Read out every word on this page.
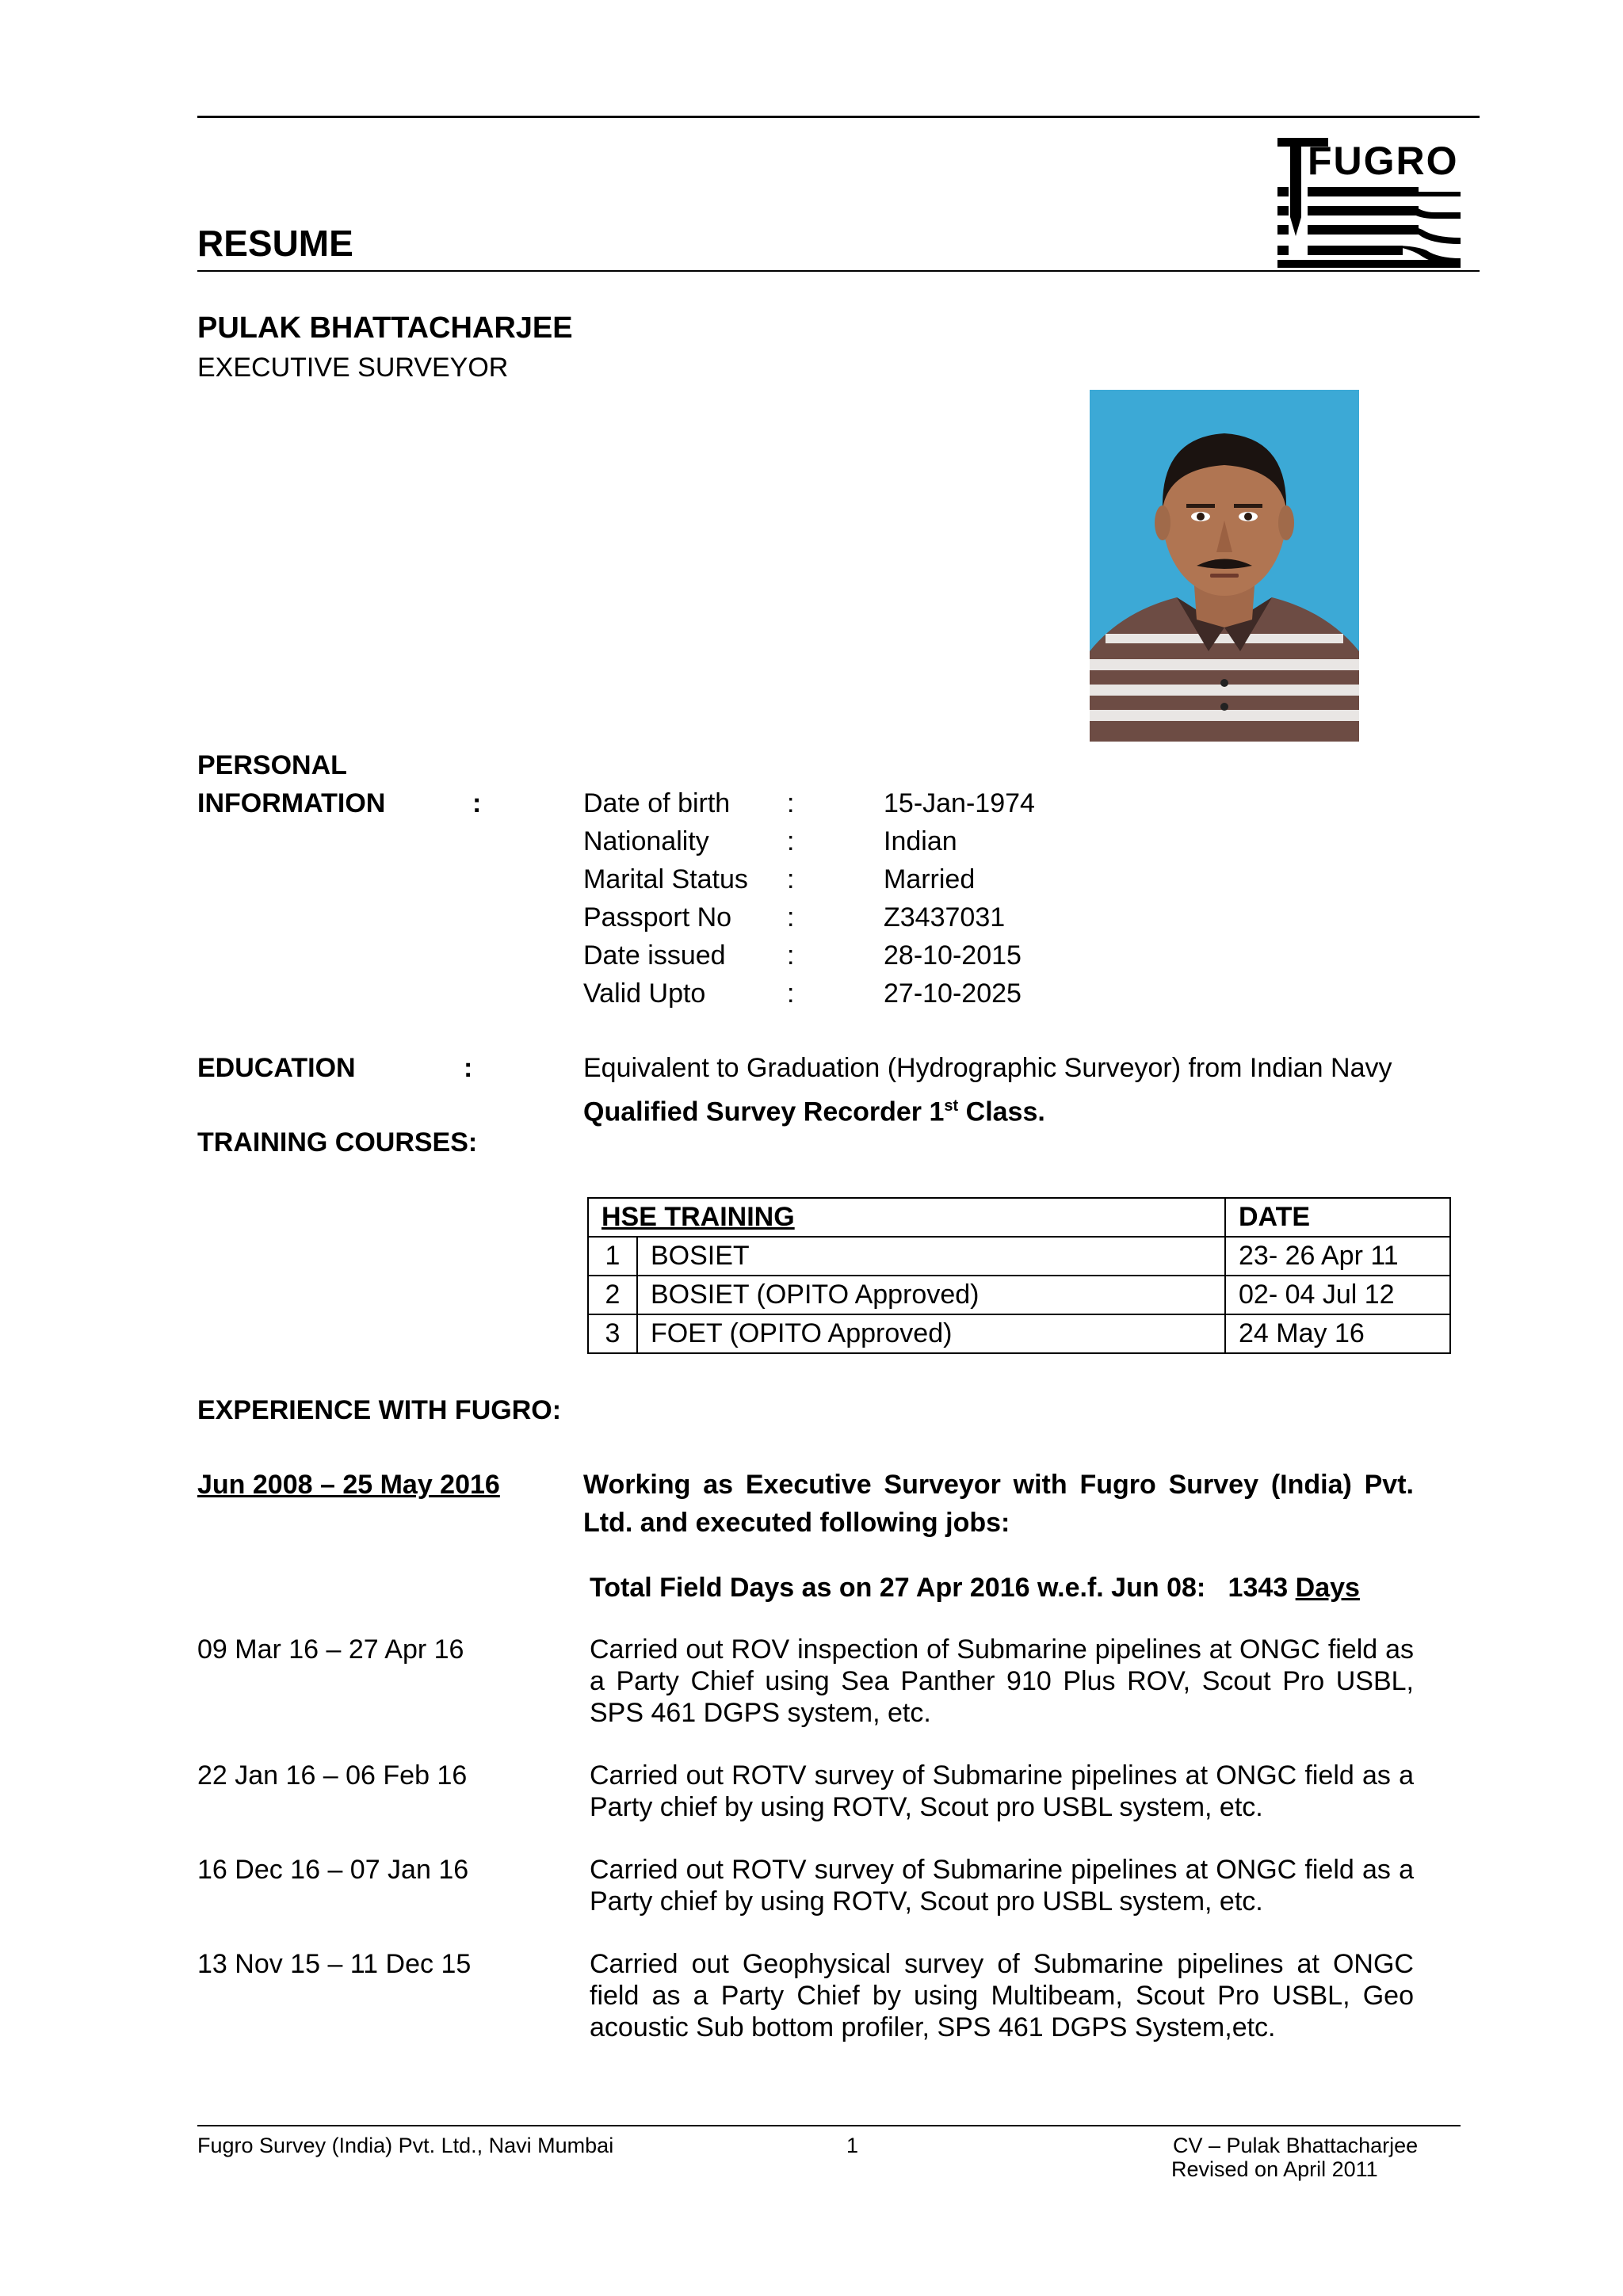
FUGRO
RESUME
PULAK BHATTACHARJEE
EXECUTIVE SURVEYOR
PERSONAL
INFORMATION	:	Date of birth :	15-Jan-1974
Nationality	:	Indian
Marital Status :	Married
Passport No :	Z3437031
Date issued :	28-10-2015
Valid Upto	:	27-10-2025
EDUCATION	:	Equivalent to Graduation (Hydrographic Surveyor) from Indian Navy
Qualified Survey Recorder 1st Class.
TRAINING COURSES:
HSE TRAINING		DATE
1	BOSIET	23- 26 Apr 11
2	BOSIET (OPITO Approved)	02- 04 Jul 12
3	FOET (OPITO Approved)	24 May 16
EXPERIENCE WITH FUGRO:
Jun 2008 – 25 May 2016	Working as Executive Surveyor with Fugro Survey (India) Pvt.
Ltd. and executed following jobs:
Total Field Days as on 27 Apr 2016 w.e.f. Jun 08:   1343 Days
09 Mar 16 – 27 Apr 16	Carried out ROV inspection of Submarine pipelines at ONGC field as a Party Chief using Sea Panther 910 Plus ROV, Scout Pro USBL, SPS 461 DGPS system, etc.
22 Jan 16 – 06 Feb 16	Carried out ROTV survey of Submarine pipelines at ONGC field as a Party chief by using ROTV, Scout pro USBL system, etc.
16 Dec 16 – 07 Jan 16	Carried out ROTV survey of Submarine pipelines at ONGC field as a Party chief by using ROTV, Scout pro USBL system, etc.
13 Nov 15 – 11 Dec 15	Carried out Geophysical survey of Submarine pipelines at ONGC field as a Party Chief by using Multibeam, Scout Pro USBL, Geo acoustic Sub bottom profiler, SPS 461 DGPS System,etc.
Fugro Survey (India) Pvt. Ltd., Navi Mumbai	1	CV – Pulak Bhattacharjee
Revised on April 2011
